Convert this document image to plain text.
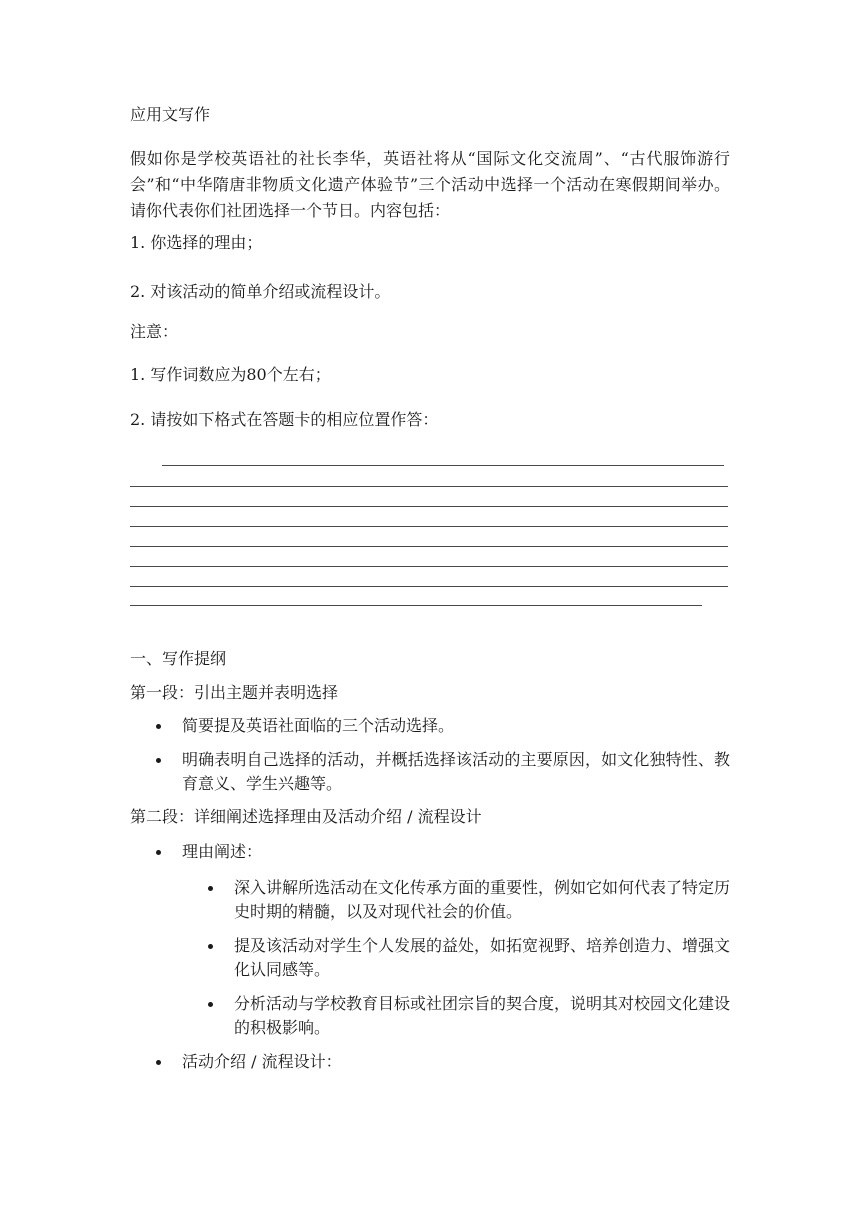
应用文写作
假如你是学校英语社的社长李华，英语社将从“国际文化交流周”、“古代服饰游行会”和“中华隋唐非物质文化遗产体验节”三个活动中选择一个活动在寒假期间举办。请你代表你们社团选择一个节日。内容包括：
1. 你选择的理由；
2. 对该活动的简单介绍或流程设计。
注意：
1. 写作词数应为80个左右；
2. 请按如下格式在答题卡的相应位置作答：
一、写作提纲
第一段：引出主题并表明选择
简要提及英语社面临的三个活动选择。
明确表明自己选择的活动，并概括选择该活动的主要原因，如文化独特性、教育意义、学生兴趣等。
第二段：详细阐述选择理由及活动介绍 / 流程设计
理由阐述：
深入讲解所选活动在文化传承方面的重要性，例如它如何代表了特定历史时期的精髓，以及对现代社会的价值。
提及该活动对学生个人发展的益处，如拓宽视野、培养创造力、增强文化认同感等。
分析活动与学校教育目标或社团宗旨的契合度，说明其对校园文化建设的积极影响。
活动介绍 / 流程设计：
